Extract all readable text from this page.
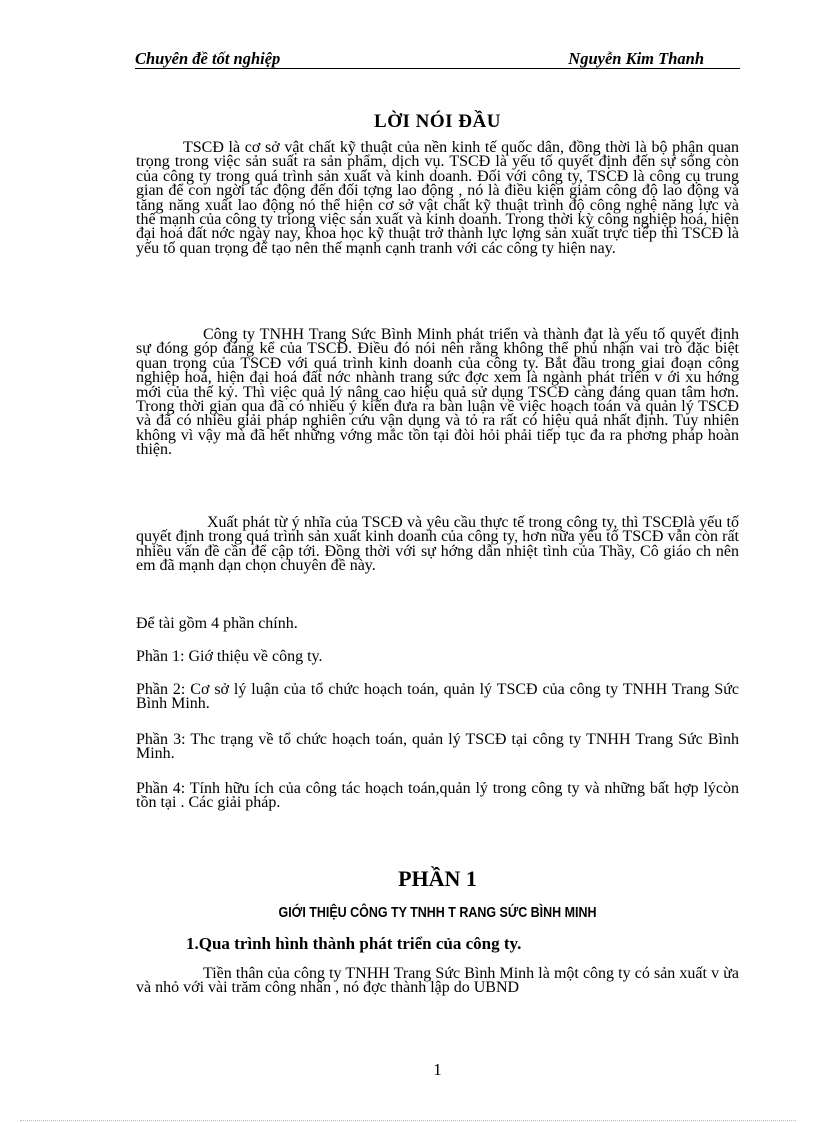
Chuyên đề tốt nghiệp	Nguyễn Kim Thanh
LỜI NÓI ĐẦU
TSCĐ là cơ sở vật chất kỹ thuật của nền kinh tế quốc dân, đồng thời là bộ phận quan trọng trong việc sản suất ra sản phẩm, dịch vụ. TSCĐ là yếu tố quyết định đến sự sống còn của công ty trong quá trình sản xuất và kinh doanh. Đối với công ty, TSCĐ là công cụ trung gian để con ngời tác động đến đối tợng lao động , nó là điều kiện giảm công độ lao động và tăng năng xuất lao động nó thể hiện cơ sở vật chất kỹ thuật trình độ công nghệ năng lực và thế mạnh của công ty triong việc sản xuất và kinh doanh. Trong thời kỳ công nghiệp hoá, hiện đại hoá đất nớc ngày nay, khoa học kỹ thuật trở thành lực lợng sản xuất trực tiếp thì TSCĐ là yếu tố quan trọng để tạo nên thế mạnh cạnh tranh với các công ty hiện nay.
Công ty TNHH Trang Sức Bình Minh phát triển và thành đạt là yếu tố quyết định sự đóng góp đáng kể của TSCĐ. Điều đó nói nên rằng không thể phủ nhận vai trò đặc biệt quan trọng của TSCĐ với quá trình kinh doanh của công ty. Bắt đầu trong giai đoạn công nghiệp hoá, hiện đại hoá đất nớc nhành trang sức đợc xem là ngành phát triển v ới xu hớng mới của thế kỷ. Thì việc quả lý nâng cao hiệu quả sử dụng TSCĐ càng đáng quan tâm hơn. Trong thời gian qua đã có nhiều ý kiến đưa ra bàn luận về việc hoạch toán và quản lý TSCĐ và đã có nhiều giải pháp nghiên cứu vận dụng và tỏ ra rất có hiệu quả nhất định. Tuy nhiên không vì vậy mà đã hết những vớng mắc tồn tại đòi hỏi phải tiếp tục đa ra phơng pháp hoàn thiện.
Xuất phát từ ý nhĩa của TSCĐ và yêu cầu thực tế trong công ty, thì TSCĐlà yếu tố quyết định trong quá trình sản xuất kinh doanh của công ty, hơn nữa yếu tố TSCĐ vẫn còn rất nhiều vấn đề cần để cập tới. Đồng thời với sự hớng dẫn nhiệt tình của Thầy, Cô giáo ch nên em đã mạnh dạn chọn chuyên đề này.
Để tài gồm 4 phần chính.
Phần 1: Giớ thiệu về công ty.
Phần 2: Cơ sở lý luận của tổ chức hoạch toán, quản lý TSCĐ của công ty TNHH Trang Sức Bình Minh.
Phần 3: Thc trạng về tổ chức hoạch toán, quản lý TSCĐ tại công ty TNHH Trang Sức Bình Minh.
Phần 4: Tính hữu ích của công tác hoạch toán,quản lý trong công ty và những bất hợp lýcòn tồn tại . Các giải pháp.
PHẦN 1
GIỚI THIỆU CÔNG TY TNHH T RANG SỨC BÌNH MINH
1.Qua trình hình thành phát triển của công ty.
Tiền thân của công ty TNHH Trang Sức Bình Minh là một công ty có sản xuất v ừa và nhỏ với vài trăm công nhân , nó đợc thành lập do UBND
1
